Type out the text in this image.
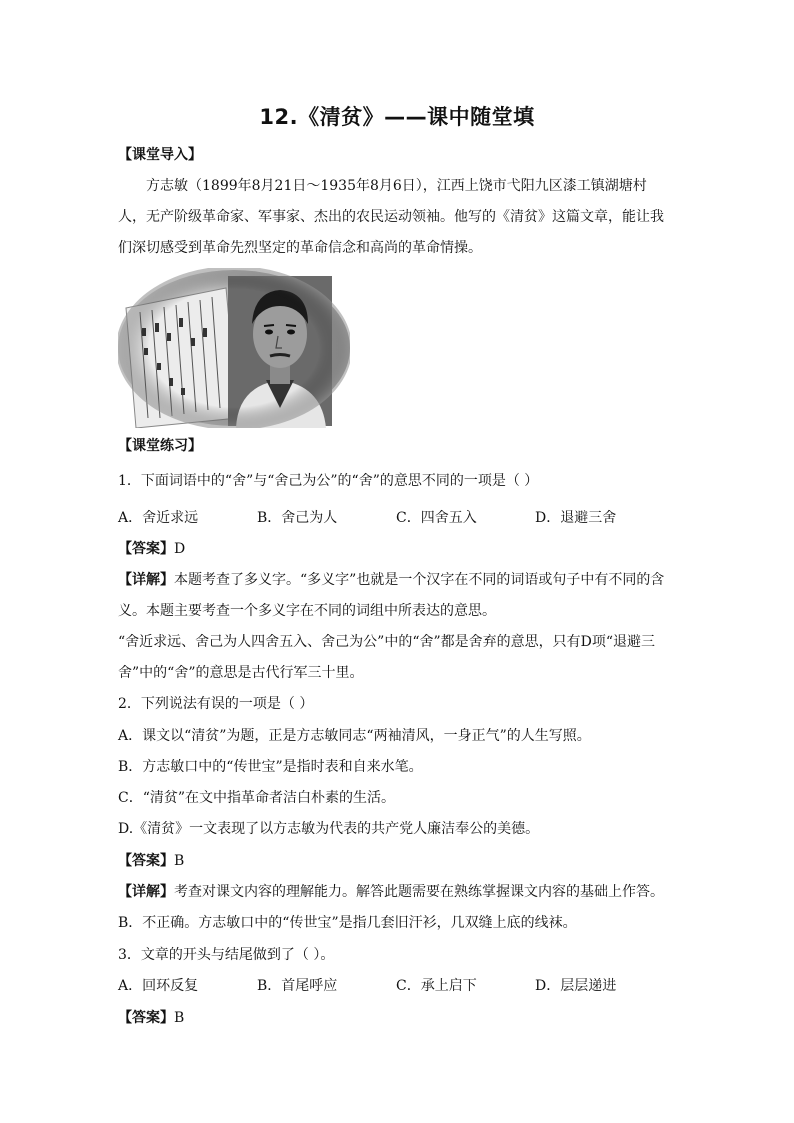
12.《清贫》——课中随堂填
【课堂导入】
方志敏（1899年8月21日～1935年8月6日），江西上饶市弋阳九区漆工镇湖塘村
人，无产阶级革命家、军事家、杰出的农民运动领袖。他写的《清贫》这篇文章，能让我
们深切感受到革命先烈坚定的革命信念和高尚的革命情操。
【课堂练习】
1．下面词语中的“舍”与“舍己为公”的“舍”的意思不同的一项是（ ）
A．舍近求远	B．舍己为人	C．四舍五入	D．退避三舍
【答案】D
【详解】本题考查了多义字。“多义字”也就是一个汉字在不同的词语或句子中有不同的含
义。本题主要考查一个多义字在不同的词组中所表达的意思。
“舍近求远、舍己为人四舍五入、舍己为公”中的“舍”都是舍弃的意思，只有D项“退避三
舍”中的“舍”的意思是古代行军三十里。
2．下列说法有误的一项是（ ）
A．课文以“清贫”为题，正是方志敏同志“两袖清风，一身正气”的人生写照。
B．方志敏口中的“传世宝”是指时表和自来水笔。
C．“清贫”在文中指革命者洁白朴素的生活。
D.《清贫》一文表现了以方志敏为代表的共产党人廉洁奉公的美德。
【答案】B
【详解】考查对课文内容的理解能力。解答此题需要在熟练掌握课文内容的基础上作答。
B．不正确。方志敏口中的“传世宝”是指几套旧汗衫，几双缝上底的线袜。
3．文章的开头与结尾做到了（ ）。
A．回环反复	B．首尾呼应	C．承上启下	D．层层递进
【答案】B
